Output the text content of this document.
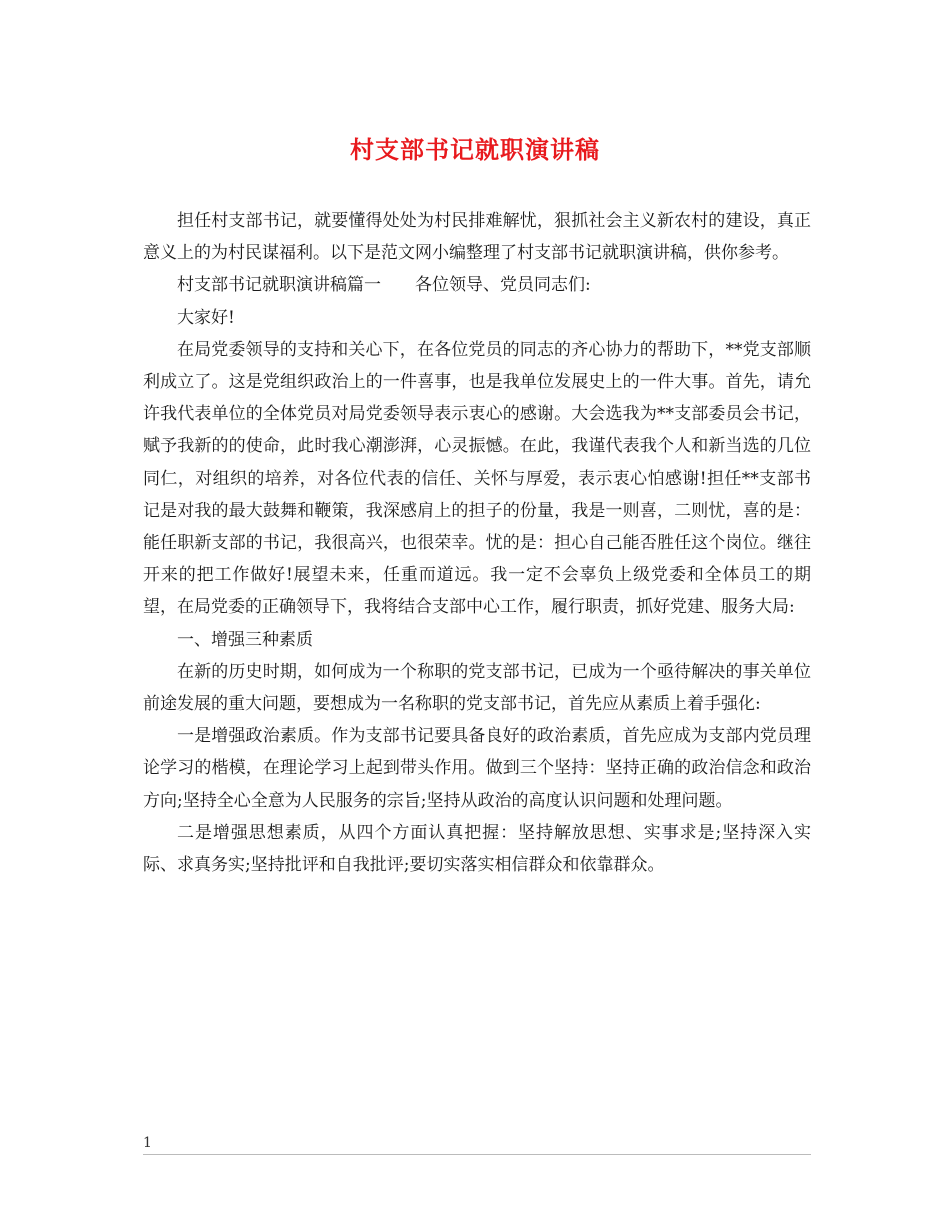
村支部书记就职演讲稿

担任村支部书记，就要懂得处处为村民排难解忧，狠抓社会主义新农村的建设，真正意义上的为村民谋福利。以下是范文网小编整理了村支部书记就职演讲稿，供你参考。

村支部书记就职演讲稿篇一　　各位领导、党员同志们:

大家好!

在局党委领导的支持和关心下，在各位党员的同志的齐心协力的帮助下，**党支部顺利成立了。这是党组织政治上的一件喜事，也是我单位发展史上的一件大事。首先，请允许我代表单位的全体党员对局党委领导表示衷心的感谢。大会选我为**支部委员会书记，赋予我新的的使命，此时我心潮澎湃，心灵振憾。在此，我谨代表我个人和新当选的几位同仁，对组织的培养，对各位代表的信任、关怀与厚爱，表示衷心怕感谢!担任**支部书记是对我的最大鼓舞和鞭策，我深感肩上的担子的份量，我是一则喜，二则忧，喜的是：能任职新支部的书记，我很高兴，也很荣幸。忧的是：担心自己能否胜任这个岗位。继往开来的把工作做好!展望未来，任重而道远。我一定不会辜负上级党委和全体员工的期望，在局党委的正确领导下，我将结合支部中心工作，履行职责，抓好党建、服务大局:

一、增强三种素质

在新的历史时期，如何成为一个称职的党支部书记，已成为一个亟待解决的事关单位前途发展的重大问题，要想成为一名称职的党支部书记，首先应从素质上着手强化:

一是增强政治素质。作为支部书记要具备良好的政治素质，首先应成为支部内党员理论学习的楷模，在理论学习上起到带头作用。做到三个坚持：坚持正确的政治信念和政治方向;坚持全心全意为人民服务的宗旨;坚持从政治的高度认识问题和处理问题。

二是增强思想素质，从四个方面认真把握：坚持解放思想、实事求是;坚持深入实际、求真务实;坚持批评和自我批评;要切实落实相信群众和依靠群众。

1
